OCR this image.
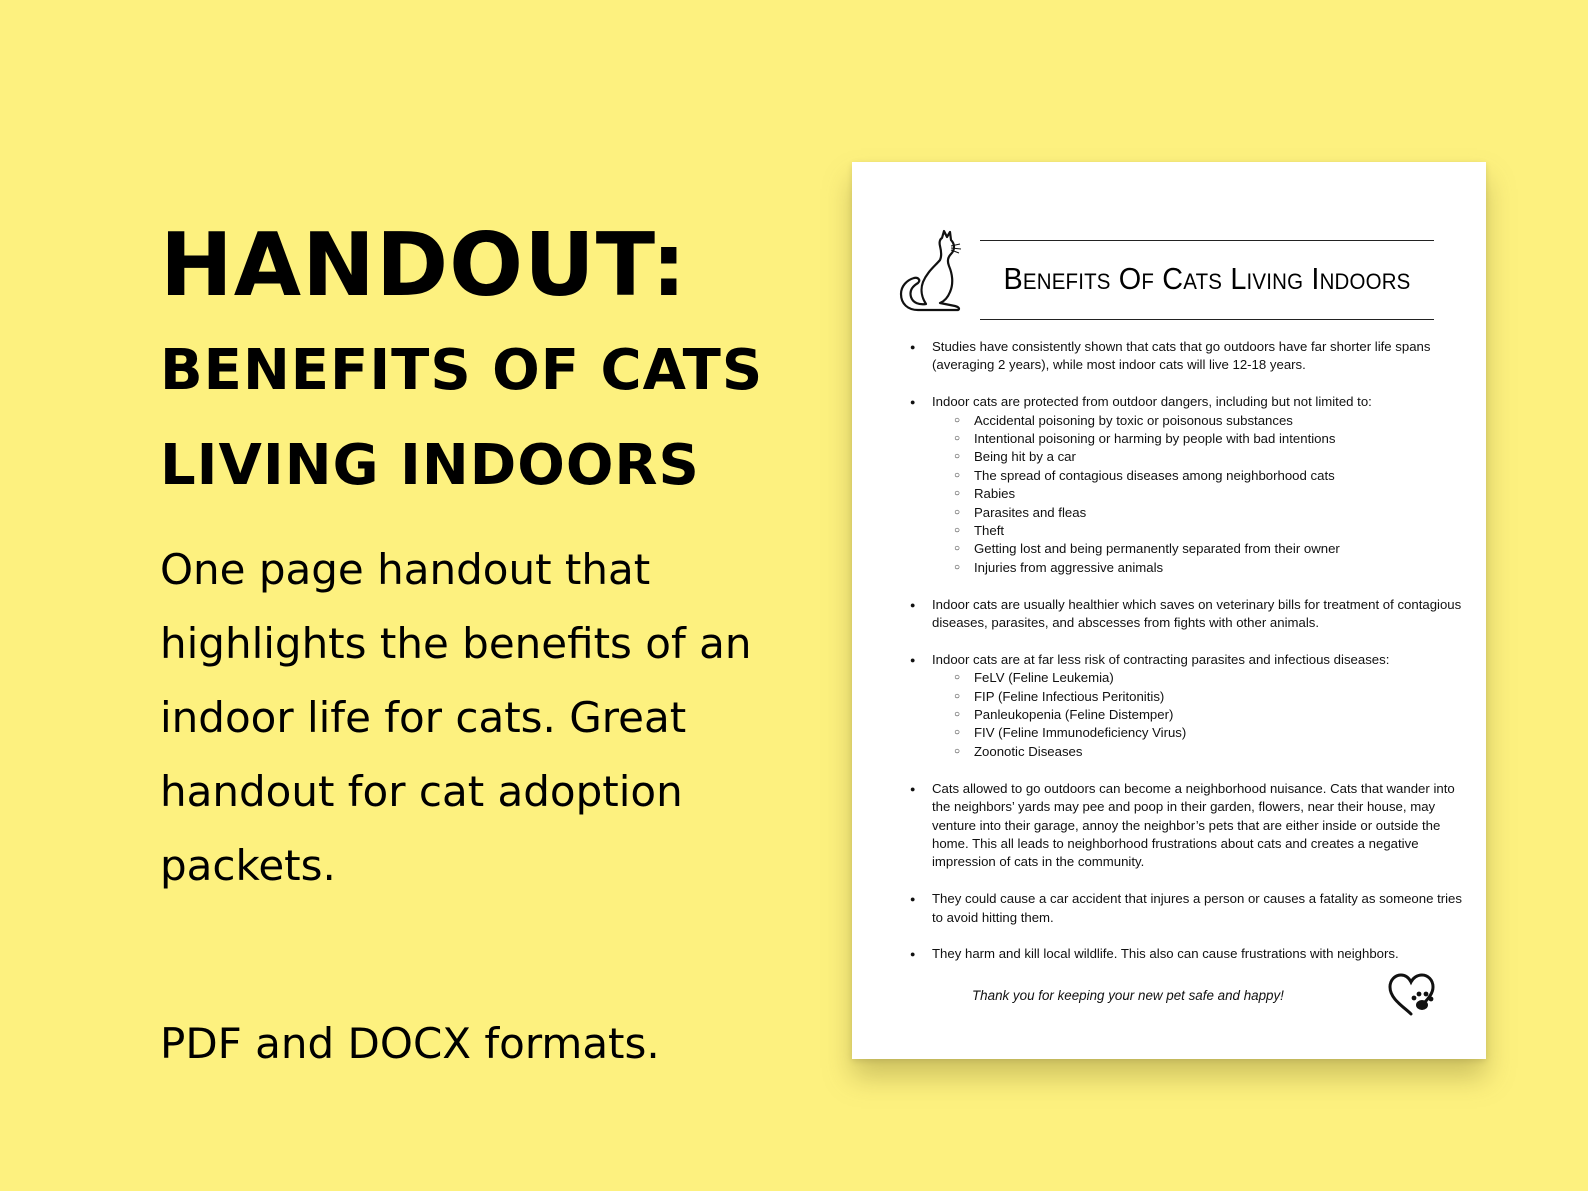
HANDOUT:
BENEFITS OF CATS LIVING INDOORS

One page handout that highlights the benefits of an indoor life for cats. Great handout for cat adoption packets.

PDF and DOCX formats.

Benefits Of Cats Living Indoors
● Studies have consistently shown that cats that go outdoors have far shorter life spans (averaging 2 years), while most indoor cats will live 12-18 years.
● Indoor cats are protected from outdoor dangers, including but not limited to:
○ Accidental poisoning by toxic or poisonous substances
○ Intentional poisoning or harming by people with bad intentions
○ Being hit by a car
○ The spread of contagious diseases among neighborhood cats
○ Rabies
○ Parasites and fleas
○ Theft
○ Getting lost and being permanently separated from their owner
○ Injuries from aggressive animals
● Indoor cats are usually healthier which saves on veterinary bills for treatment of contagious diseases, parasites, and abscesses from fights with other animals.
● Indoor cats are at far less risk of contracting parasites and infectious diseases:
○ FeLV (Feline Leukemia)
○ FIP (Feline Infectious Peritonitis)
○ Panleukopenia (Feline Distemper)
○ FIV (Feline Immunodeficiency Virus)
○ Zoonotic Diseases
● Cats allowed to go outdoors can become a neighborhood nuisance. Cats that wander into the neighbors’ yards may pee and poop in their garden, flowers, near their house, may venture into their garage, annoy the neighbor’s pets that are either inside or outside the home. This all leads to neighborhood frustrations about cats and creates a negative impression of cats in the community.
● They could cause a car accident that injures a person or causes a fatality as someone tries to avoid hitting them.
● They harm and kill local wildlife. This also can cause frustrations with neighbors.
Thank you for keeping your new pet safe and happy!
